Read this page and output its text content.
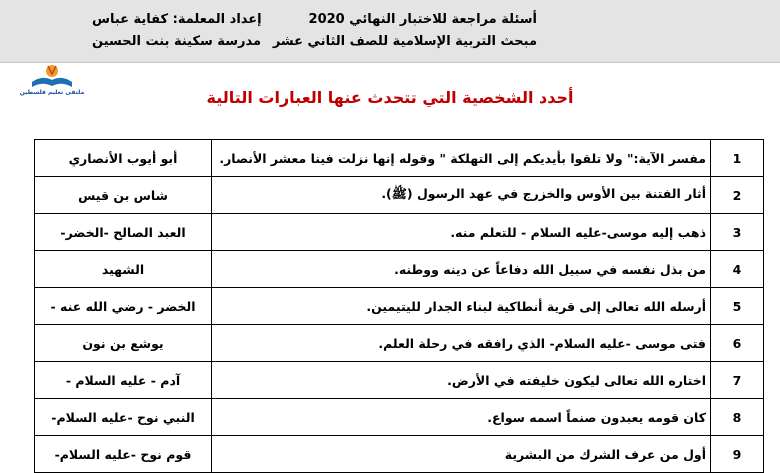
أسئلة مراجعة للاختبار النهائي 2020
مبحث التربية الإسلامية للصف الثاني عشر
إعداد المعلمة: كفاية عباس
مدرسة سكينة بنت الحسين
ملتقى تعليم فلسطين	أحدد الشخصية التي تتحدث عنها العبارات التالية
1	مفسر الآية:" ولا تلقوا بأيديكم إلى التهلكة " وقوله إنها نزلت فينا معشر الأنصار.	أبو أيوب الأنصاري
2	أثار الفتنة بين الأوس والخزرج في عهد الرسول (ﷺ).	شاس بن قيس
3	ذهب إليه موسى-عليه السلام - للتعلم منه.	العبد الصالح -الخضر-
4	من بذل نفسه في سبيل الله دفاعاً عن دينه ووطنه.	الشهيد
5	أرسله الله تعالى إلى قرية أنطاكية لبناء الجدار لليتيمين.	الخضر - رضي الله عنه -
6	فتى موسى -عليه السلام- الذي رافقه في رحلة العلم.	يوشع بن نون
7	اختاره الله تعالى ليكون خليفته في الأرض.	آدم - عليه السلام -
8	كان قومه يعبدون صنماً اسمه سواع.	النبي نوح -عليه السلام-
9	أول من عرف الشرك من البشرية	قوم نوح -عليه السلام-
